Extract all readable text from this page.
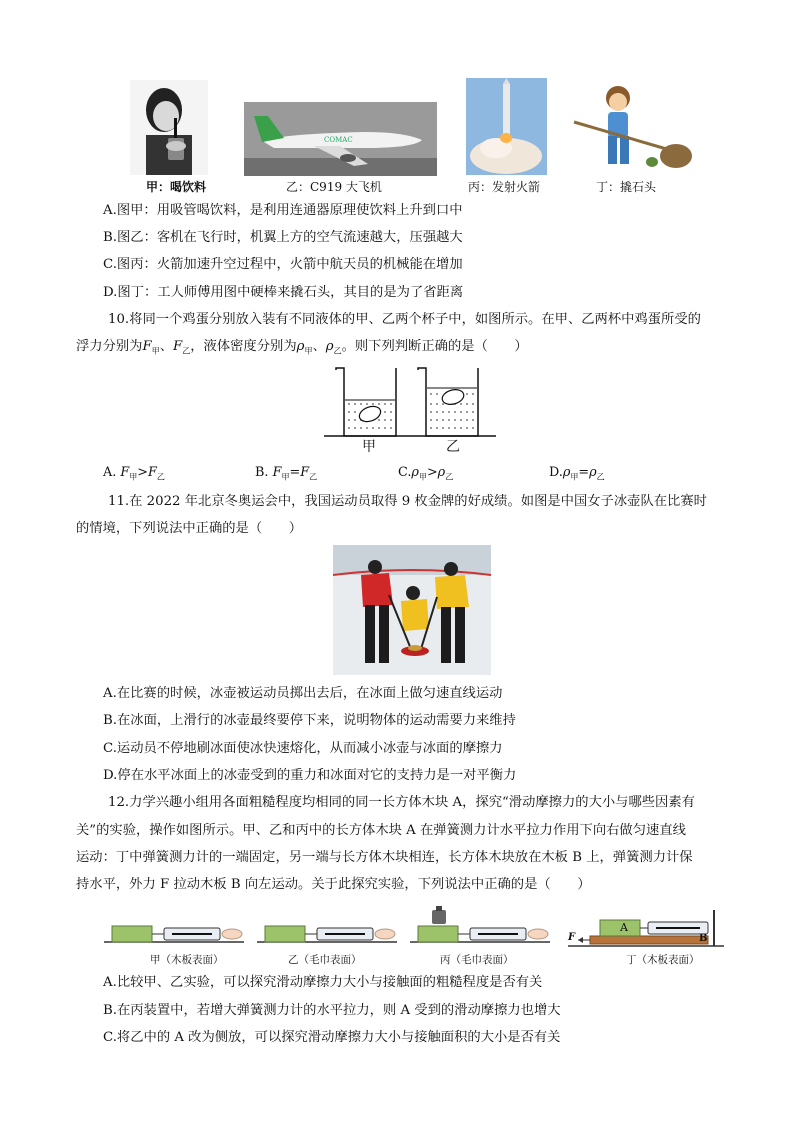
COMAC
甲：喝饮料	乙：C919 大飞机	丙：发射火箭	丁：撬石头
A.图甲：用吸管喝饮料，是利用连通器原理使饮料上升到口中
B.图乙：客机在飞行时，机翼上方的空气流速越大，压强越大
C.图丙：火箭加速升空过程中，火箭中航天员的机械能在增加
D.图丁：工人师傅用图中硬棒来撬石头，其目的是为了省距离
10.将同一个鸡蛋分别放入装有不同液体的甲、乙两个杯子中，如图所示。在甲、乙两杯中鸡蛋所受的
浮力分别为$F_甲$、$F_乙$，液体密度分别为$\rho_甲$、$\rho_乙$。则下列判断正确的是（　　）
甲	乙
A. $F_甲>F_乙$	B. $F_甲=F_乙$	$C.\rho_甲>\rho_乙$	$D.\rho_甲=\rho_乙$
11.在 2022 年北京冬奥运会中，我国运动员取得 9 枚金牌的好成绩。如图是中国女子冰壶队在比赛时
的情境，下列说法中正确的是（　　）
A.在比赛的时候，冰壶被运动员掷出去后，在冰面上做匀速直线运动
B.在冰面，上滑行的冰壶最终要停下来，说明物体的运动需要力来维持
C.运动员不停地刷冰面使冰快速熔化，从而减小冰壶与冰面的摩擦力
D.停在水平冰面上的冰壶受到的重力和冰面对它的支持力是一对平衡力
12.力学兴趣小组用各面粗糙程度均相同的同一长方体木块 A，探究“滑动摩擦力的大小与哪些因素有
关”的实验，操作如图所示。甲、乙和丙中的长方体木块 A 在弹簧测力计水平拉力作用下向右做匀速直线
运动：丁中弹簧测力计的一端固定，另一端与长方体木块相连，长方体木块放在木板 B 上，弹簧测力计保
持水平，外力 F 拉动木板 B 向左运动。关于此探究实验，下列说法中正确的是（　　）
A
B
F
甲（木板表面）	乙（毛巾表面）	丙（毛巾表面）	丁（木板表面）
A.比较甲、乙实验，可以探究滑动摩擦力大小与接触面的粗糙程度是否有关
B.在丙装置中，若增大弹簧测力计的水平拉力，则 A 受到的滑动摩擦力也增大
C.将乙中的 A 改为侧放，可以探究滑动摩擦力大小与接触面积的大小是否有关
